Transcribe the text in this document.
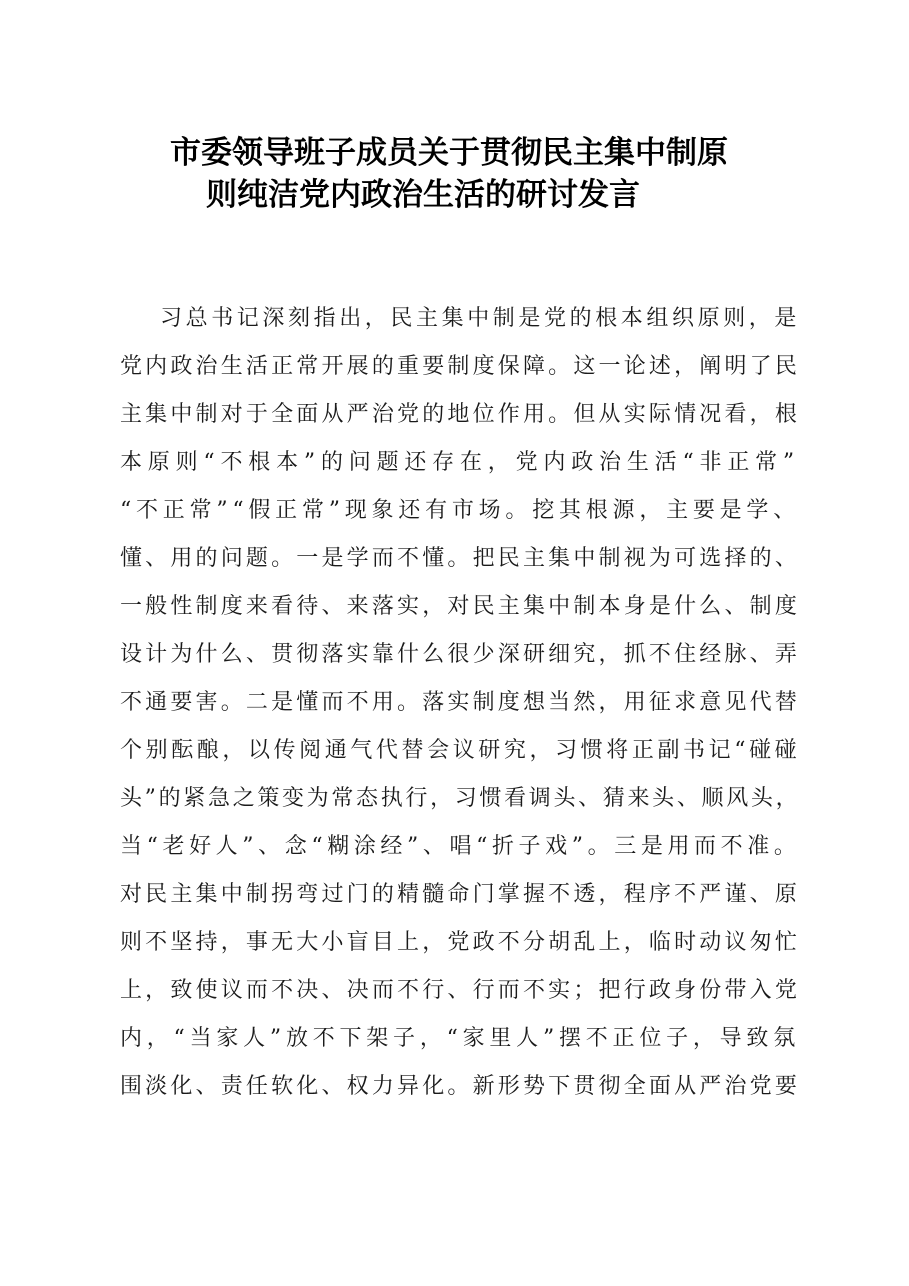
市委领导班子成员关于贯彻民主集中制原
则纯洁党内政治生活的研讨发言
习总书记深刻指出，民主集中制是党的根本组织原则，是
党内政治生活正常开展的重要制度保障。这一论述，阐明了民
主集中制对于全面从严治党的地位作用。但从实际情况看，根
本原则“不根本”的问题还存在，党内政治生活“非正常”
“不正常”“假正常”现象还有市场。挖其根源，主要是学、
懂、用的问题。一是学而不懂。把民主集中制视为可选择的、
一般性制度来看待、来落实，对民主集中制本身是什么、制度
设计为什么、贯彻落实靠什么很少深研细究，抓不住经脉、弄
不通要害。二是懂而不用。落实制度想当然，用征求意见代替
个别酝酿，以传阅通气代替会议研究，习惯将正副书记“碰碰
头”的紧急之策变为常态执行，习惯看调头、猜来头、顺风头，
当“老好人”、念“糊涂经”、唱“折子戏”。三是用而不准。
对民主集中制拐弯过门的精髓命门掌握不透，程序不严谨、原
则不坚持，事无大小盲目上，党政不分胡乱上，临时动议匆忙
上，致使议而不决、决而不行、行而不实；把行政身份带入党
内，“当家人”放不下架子，“家里人”摆不正位子，导致氛
围淡化、责任软化、权力异化。新形势下贯彻全面从严治党要
